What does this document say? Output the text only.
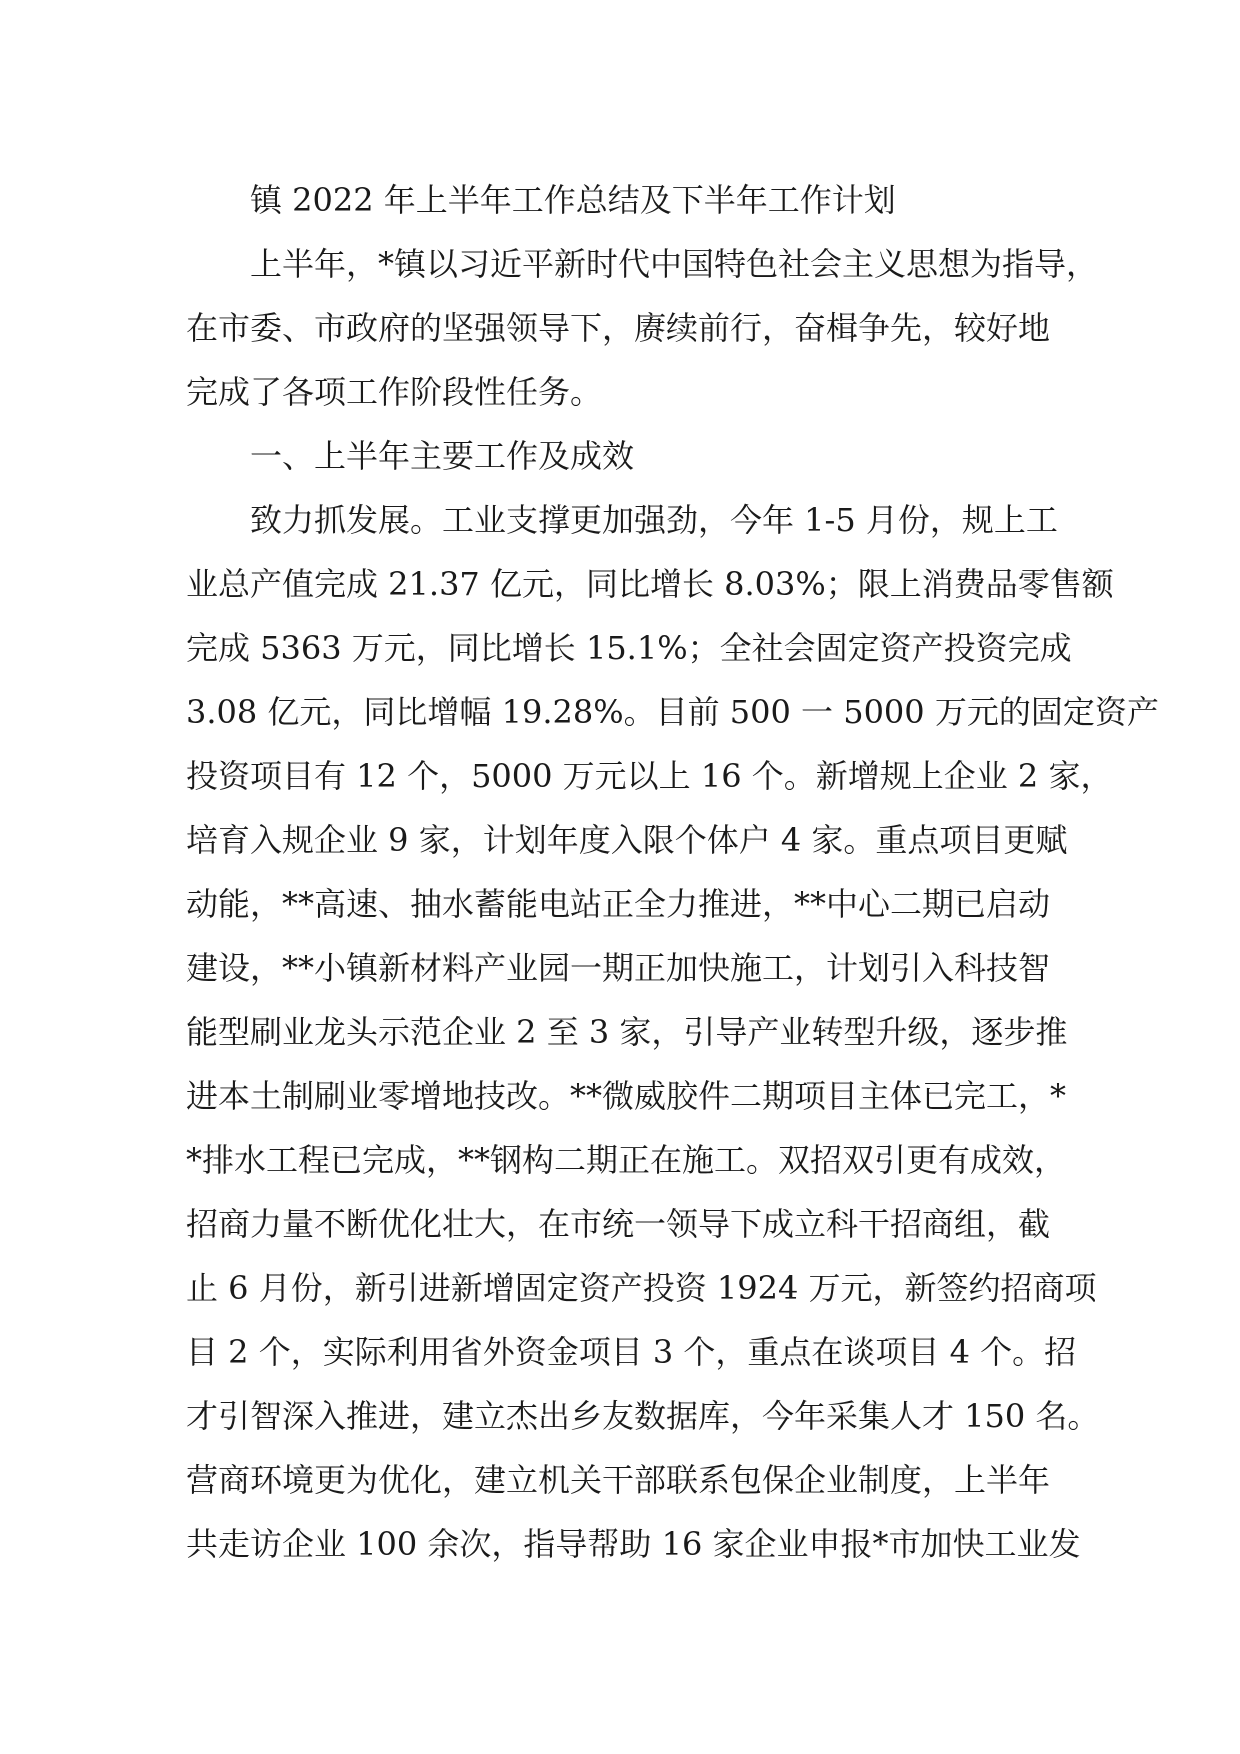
镇 2022 年上半年工作总结及下半年工作计划
上半年，*镇以习近平新时代中国特色社会主义思想为指导，
在市委、市政府的坚强领导下，赓续前行，奋楫争先，较好地
完成了各项工作阶段性任务。
一、上半年主要工作及成效
致力抓发展。工业支撑更加强劲，今年 1-5 月份，规上工
业总产值完成 21.37 亿元，同比增长 8.03%；限上消费品零售额
完成 5363 万元，同比增长 15.1%；全社会固定资产投资完成
3.08 亿元，同比增幅 19.28%。目前 500 一 5000 万元的固定资产
投资项目有 12 个，5000 万元以上 16 个。新增规上企业 2 家，
培育入规企业 9 家，计划年度入限个体户 4 家。重点项目更赋
动能，**高速、抽水蓄能电站正全力推进，**中心二期已启动
建设，**小镇新材料产业园一期正加快施工，计划引入科技智
能型刷业龙头示范企业 2 至 3 家，引导产业转型升级，逐步推
进本土制刷业零增地技改。**微威胶件二期项目主体已完工，*
*排水工程已完成，**钢构二期正在施工。双招双引更有成效，
招商力量不断优化壮大，在市统一领导下成立科干招商组，截
止 6 月份，新引进新增固定资产投资 1924 万元，新签约招商项
目 2 个，实际利用省外资金项目 3 个，重点在谈项目 4 个。招
才引智深入推进，建立杰出乡友数据库，今年采集人才 150 名。
营商环境更为优化，建立机关干部联系包保企业制度，上半年
共走访企业 100 余次，指导帮助 16 家企业申报*市加快工业发
